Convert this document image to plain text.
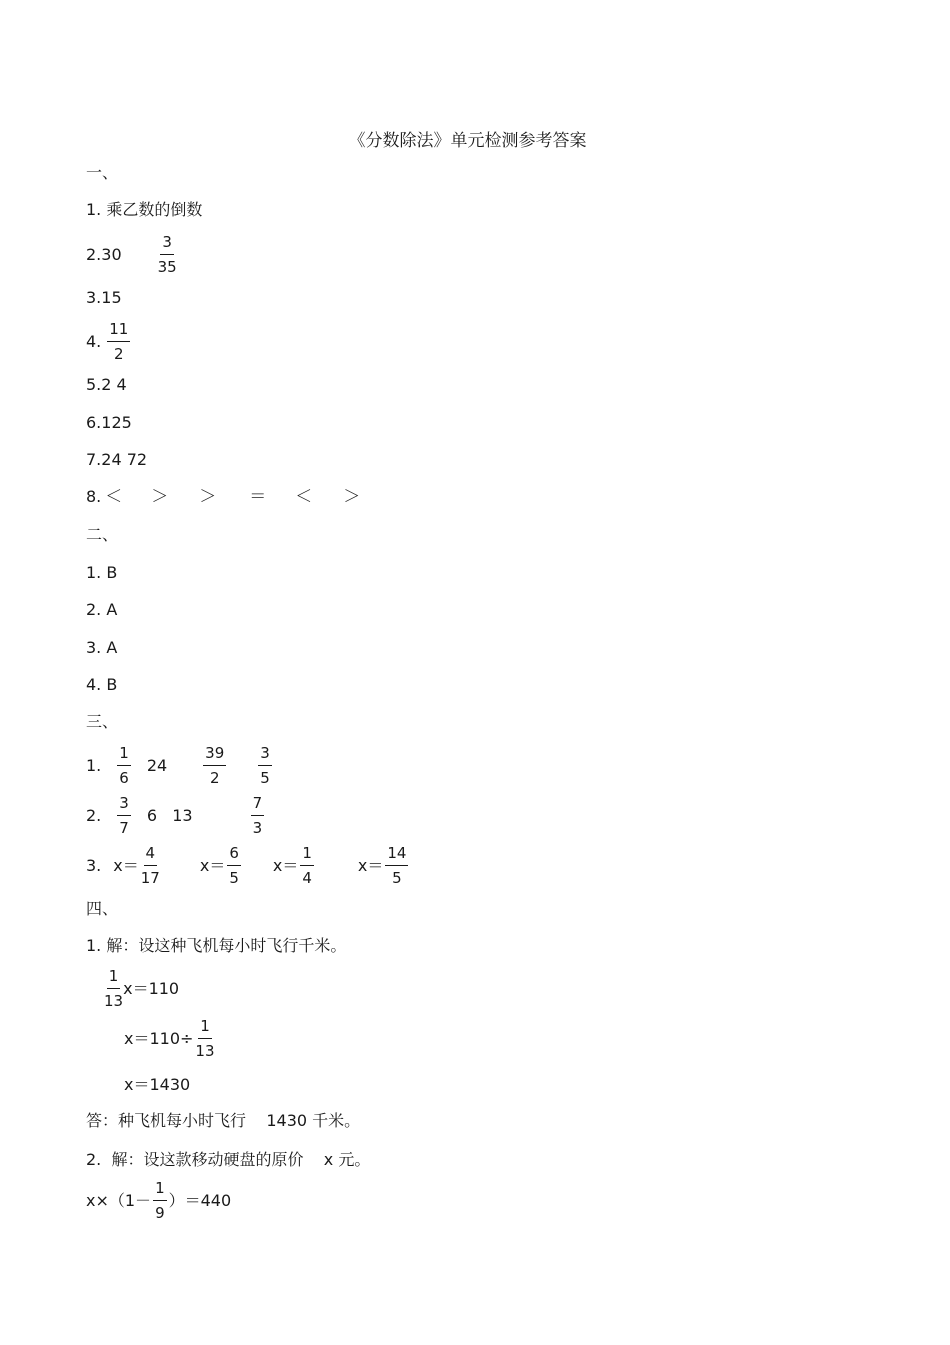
《分数除法》单元检测参考答案
一、
1. 乘乙数的倒数
$2.30 \frac{3}{35}$
3.15
4. $\frac{11}{2}$
5.2 4
6.125
7.24 72
8. ＜	＞	＞	＝	＜	＞
二、
1. B
2. A
3. A
4. B
三、
1. $\frac{1}{6} 24 \frac{39}{2} \frac{3}{5}$
2. $\frac{3}{7} 6$   13	$\frac{7}{3}$
3. $x= \frac{4}{17}$	$x= \frac{6}{5} x= \frac{1}{4}$	$x= \frac{14}{5}$
四、
1. 解：设这种飞机每小时飞行千米。
$\frac{1}{13} x=110$
$x=110\div \frac{1}{13}$
x＝1430
答：种飞机每小时飞行    1430 千米。
2.  解：设这款移动硬盘的原价    x 元。
$x\times(1- \frac{1}{9} )=440$
